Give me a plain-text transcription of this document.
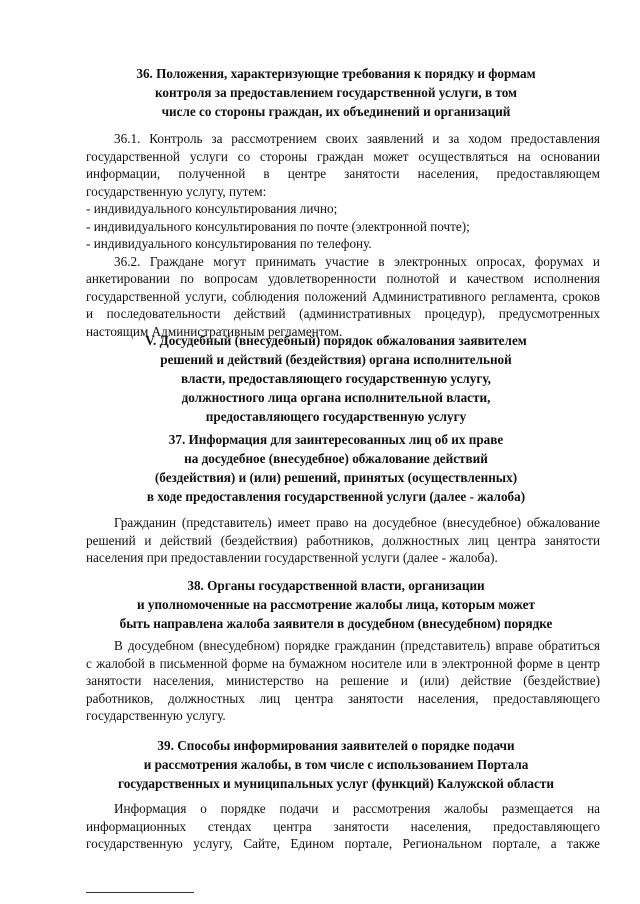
36. Положения, характеризующие требования к порядку и формам
контроля за предоставлением государственной услуги, в том
числе со стороны граждан, их объединений и организаций
36.1. Контроль за рассмотрением своих заявлений и за ходом предоставления
государственной услуги со стороны граждан может осуществляться на основании
информации, полученной в центре занятости населения, предоставляющем
государственную услугу, путем:
- индивидуального консультирования лично;
- индивидуального консультирования по почте (электронной почте);
- индивидуального консультирования по телефону.
36.2. Граждане могут принимать участие в электронных опросах, форумах и
анкетировании по вопросам удовлетворенности полнотой и качеством исполнения
государственной услуги, соблюдения положений Административного регламента, сроков
и последовательности действий (административных процедур), предусмотренных
настоящим Административным регламентом.
V. Досудебный (внесудебный) порядок обжалования заявителем
решений и действий (бездействия) органа исполнительной
власти, предоставляющего государственную услугу,
должностного лица органа исполнительной власти,
предоставляющего государственную услугу
37. Информация для заинтересованных лиц об их праве
на досудебное (внесудебное) обжалование действий
(бездействия) и (или) решений, принятых (осуществленных)
в ходе предоставления государственной услуги (далее - жалоба)
Гражданин (представитель) имеет право на досудебное (внесудебное) обжалование
решений и действий (бездействия) работников, должностных лиц центра занятости
населения при предоставлении государственной услуги (далее - жалоба).
38. Органы государственной власти, организации
и уполномоченные на рассмотрение жалобы лица, которым может
быть направлена жалоба заявителя в досудебном (внесудебном) порядке
В досудебном (внесудебном) порядке гражданин (представитель) вправе обратиться
с жалобой в письменной форме на бумажном носителе или в электронной форме в центр
занятости населения, министерство на решение и (или) действие (бездействие)
работников, должностных лиц центра занятости населения, предоставляющего
государственную услугу.
39. Способы информирования заявителей о порядке подачи
и рассмотрения жалобы, в том числе с использованием Портала
государственных и муниципальных услуг (функций) Калужской области
Информация о порядке подачи и рассмотрения жалобы размещается на
информационных стендах центра занятости населения, предоставляющего
государственную услугу, Сайте, Едином портале, Региональном портале, а также
